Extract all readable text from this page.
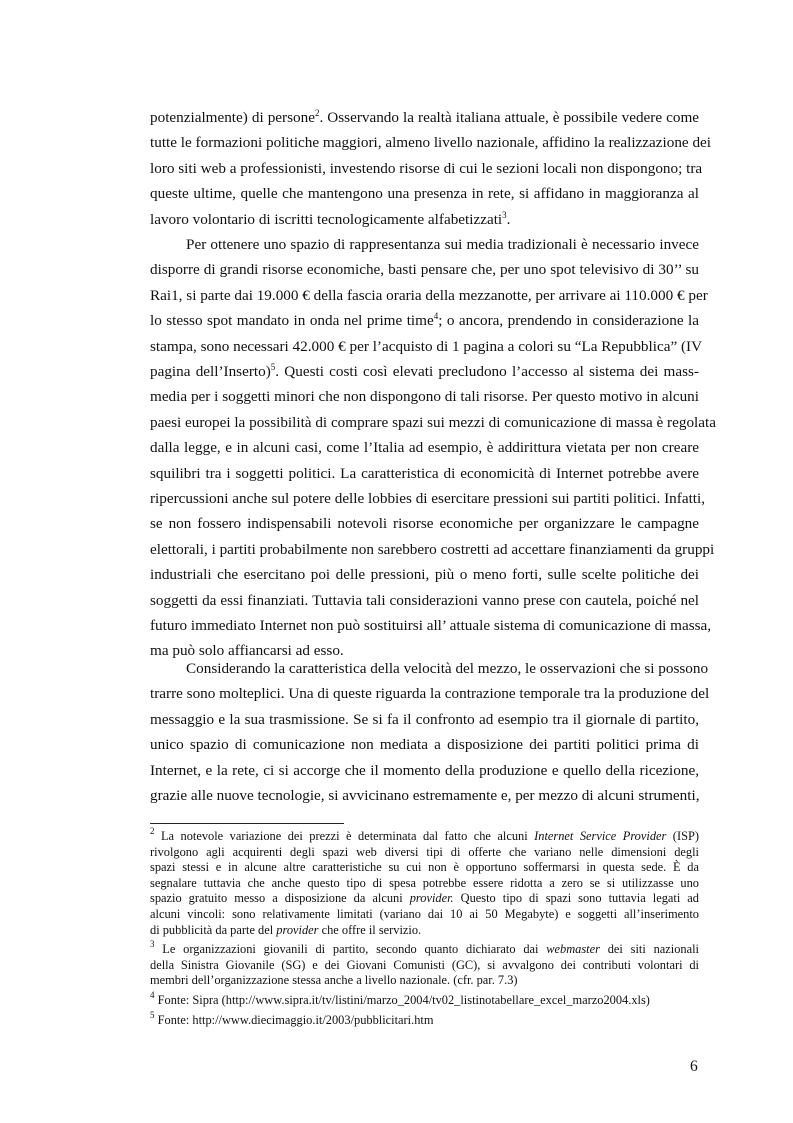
potenzialmente) di persone$^2$. Osservando la realtà italiana attuale, è possibile vedere come
tutte le formazioni politiche maggiori, almeno livello nazionale, affidino la realizzazione dei
loro siti web a professionisti, investendo risorse di cui le sezioni locali non dispongono; tra
queste ultime, quelle che mantengono una presenza in rete, si affidano in maggioranza al
lavoro volontario di iscritti tecnologicamente alfabetizzati$^3$.
Per ottenere uno spazio di rappresentanza sui media tradizionali è necessario invece
disporre di grandi risorse economiche, basti pensare che, per uno spot televisivo di 30’’ su
Rai1, si parte dai 19.000 € della fascia oraria della mezzanotte, per arrivare ai 110.000 € per
lo stesso spot mandato in onda nel prime time$^4$; o ancora, prendendo in considerazione la
stampa, sono necessari 42.000 € per l’acquisto di 1 pagina a colori su “La Repubblica” (IV
pagina dell’Inserto)$^5$. Questi costi così elevati precludono l’accesso al sistema dei mass-
media per i soggetti minori che non dispongono di tali risorse. Per questo motivo in alcuni
paesi europei la possibilità di comprare spazi sui mezzi di comunicazione di massa è regolata
dalla legge, e in alcuni casi, come l’Italia ad esempio, è addirittura vietata per non creare
squilibri tra i soggetti politici. La caratteristica di economicità di Internet potrebbe avere
ripercussioni anche sul potere delle lobbies di esercitare pressioni sui partiti politici. Infatti,
se non fossero indispensabili notevoli risorse economiche per organizzare le campagne
elettorali, i partiti probabilmente non sarebbero costretti ad accettare finanziamenti da gruppi
industriali che esercitano poi delle pressioni, più o meno forti, sulle scelte politiche dei
soggetti da essi finanziati. Tuttavia tali considerazioni vanno prese con cautela, poiché nel
futuro immediato Internet non può sostituirsi all’ attuale sistema di comunicazione di massa,
ma può solo affiancarsi ad esso.
Considerando la caratteristica della velocità del mezzo, le osservazioni che si possono
trarre sono molteplici. Una di queste riguarda la contrazione temporale tra la produzione del
messaggio e la sua trasmissione. Se si fa il confronto ad esempio tra il giornale di partito,
unico spazio di comunicazione non mediata a disposizione dei partiti politici prima di
Internet, e la rete, ci si accorge che il momento della produzione e quello della ricezione,
grazie alle nuove tecnologie, si avvicinano estremamente e, per mezzo di alcuni strumenti,
$^2$ La notevole variazione dei prezzi è determinata dal fatto che alcuni Internet Service Provider (ISP)
rivolgono agli acquirenti degli spazi web diversi tipi di offerte che variano nelle dimensioni degli
spazi stessi e in alcune altre caratteristiche su cui non è opportuno soffermarsi in questa sede. È da
segnalare tuttavia che anche questo tipo di spesa potrebbe essere ridotta a zero se si utilizzasse uno
spazio gratuito messo a disposizione da alcuni provider. Questo tipo di spazi sono tuttavia legati ad
alcuni vincoli: sono relativamente limitati (variano dai 10 ai 50 Megabyte) e soggetti all’inserimento
di pubblicità da parte del provider che offre il servizio.
$^3$ Le organizzazioni giovanili di partito, secondo quanto dichiarato dai webmaster dei siti nazionali
della Sinistra Giovanile (SG) e dei Giovani Comunisti (GC), si avvalgono dei contributi volontari di
membri dell’organizzazione stessa anche a livello nazionale. (cfr. par. 7.3)
$^4$ Fonte: Sipra (http://www.sipra.it/tv/listini/marzo_2004/tv02_listinotabellare_excel_marzo2004.xls)
$^5$ Fonte: http://www.diecimaggio.it/2003/pubblicitari.htm
6
